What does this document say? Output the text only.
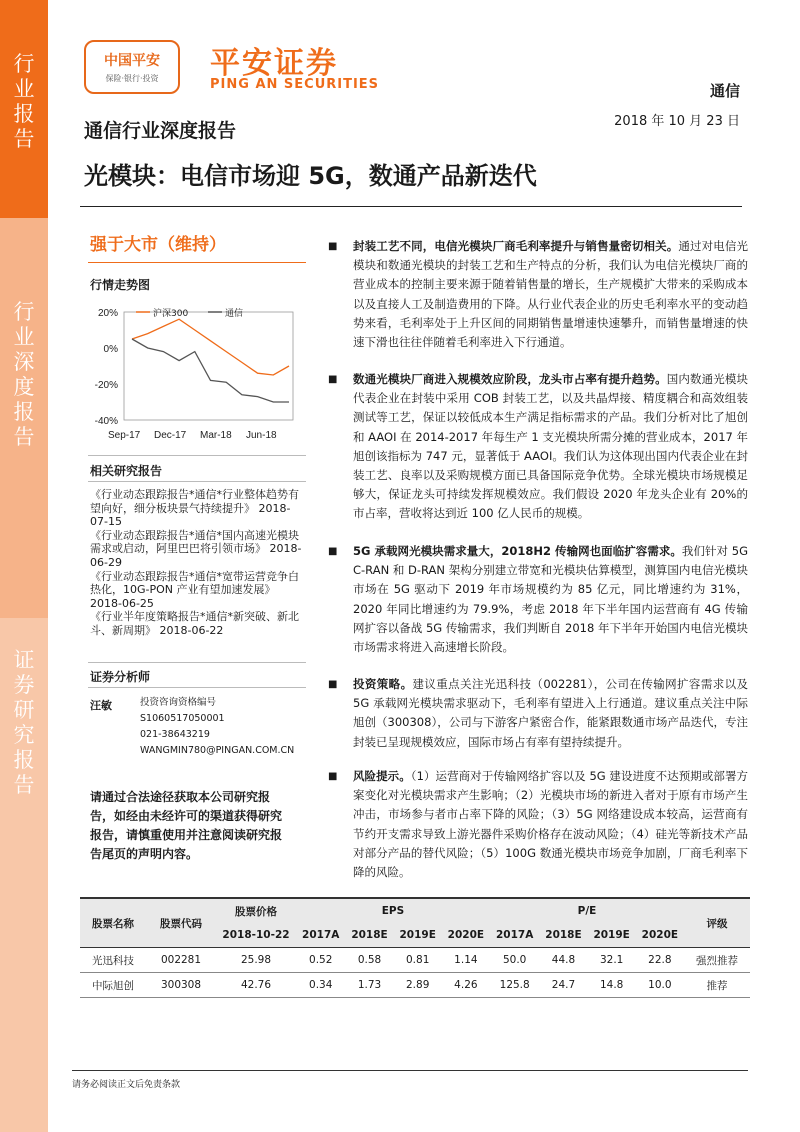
行业报告
行业深度报告
证券研究报告
中国平安
保险·银行·投资	平安证券
PING AN SECURITIES	通信
2018 年 10 月 23 日
通信行业深度报告
光模块：电信市场迎 5G，数通产品新迭代
强于大市（维持）
行情走势图
20%
0%
-20%
-40%
Sep-17 Dec-17 Mar-18 Jun-18
沪深300	通信
相关研究报告
《行业动态跟踪报告*通信*行业整体趋势有望向好，细分板块景气持续提升》 2018-07-15
《行业动态跟踪报告*通信*国内高速光模块需求或启动，阿里巴巴将引领市场》 2018-06-29
《行业动态跟踪报告*通信*宽带运营竞争白热化，10G-PON 产业有望加速发展》 2018-06-25
《行业半年度策略报告*通信*新突破、新北斗、新周期》 2018-06-22
证券分析师
汪敏	投资咨询资格编号
S1060517050001
021-38643219
WANGMIN780@PINGAN.COM.CN
请通过合法途径获取本公司研究报告，如经由未经许可的渠道获得研究报告，请慎重使用并注意阅读研究报告尾页的声明内容。
■ 封装工艺不同，电信光模块厂商毛利率提升与销售量密切相关。通过对电信光模块和数通光模块的封装工艺和生产特点的分析，我们认为电信光模块厂商的营业成本的控制主要来源于随着销售量的增长，生产规模扩大带来的采购成本以及直接人工及制造费用的下降。从行业代表企业的历史毛利率水平的变动趋势来看，毛利率处于上升区间的同期销售量增速快速攀升，而销售量增速的快速下滑也往往伴随着毛利率进入下行通道。
■ 数通光模块厂商进入规模效应阶段，龙头市占率有提升趋势。国内数通光模块代表企业在封装中采用 COB 封装工艺，以及共晶焊接、精度耦合和高效组装测试等工艺，保证以较低成本生产满足指标需求的产品。我们分析对比了旭创和 AAOI 在 2014-2017 年每生产 1 支光模块所需分摊的营业成本，2017 年旭创该指标为 747 元，显著低于 AAOI。我们认为这体现出国内代表企业在封装工艺、良率以及采购规模方面已具备国际竞争优势。全球光模块市场规模足够大，保证龙头可持续发挥规模效应。我们假设 2020 年龙头企业有 20%的市占率，营收将达到近 100 亿人民币的规模。
■ 5G 承载网光模块需求量大，2018H2 传输网也面临扩容需求。我们针对 5G C-RAN 和 D-RAN 架构分别建立带宽和光模块估算模型，测算国内电信光模块市场在 5G 驱动下 2019 年市场规模约为 85 亿元，同比增速约为 31%，2020 年同比增速约为 79.9%，考虑 2018 年下半年国内运营商有 4G 传输网扩容以备战 5G 传输需求，我们判断自 2018 年下半年开始国内电信光模块市场需求将进入高速增长阶段。
■ 投资策略。建议重点关注光迅科技（002281），公司在传输网扩容需求以及 5G 承载网光模块需求驱动下，毛利率有望进入上行通道。建议重点关注中际旭创（300308），公司与下游客户紧密合作，能紧跟数通市场产品迭代，专注封装已呈现规模效应，国际市场占有率有望持续提升。
■ 风险提示。（1）运营商对于传输网络扩容以及 5G 建设进度不达预期或部署方案变化对光模块需求产生影响；（2）光模块市场的新进入者对于原有市场产生冲击，市场参与者市占率下降的风险；（3）5G 网络建设成本较高，运营商有节约开支需求导致上游光器件采购价格存在波动风险；（4）硅光等新技术产品对部分产品的替代风险；（5）100G 数通光模块市场竞争加剧，厂商毛利率下降的风险。
股票名称	股票代码	股票价格	EPS				P/E				评级
		2018-10-22	2017A	2018E	2019E	2020E	2017A	2018E	2019E	2020E	
光迅科技	002281	25.98	0.52	0.58	0.81	1.14	50.0	44.8	32.1	22.8	强烈推荐
中际旭创	300308	42.76	0.34	1.73	2.89	4.26	125.8	24.7	14.8	10.0	推荐
请务必阅读正文后免责条款
